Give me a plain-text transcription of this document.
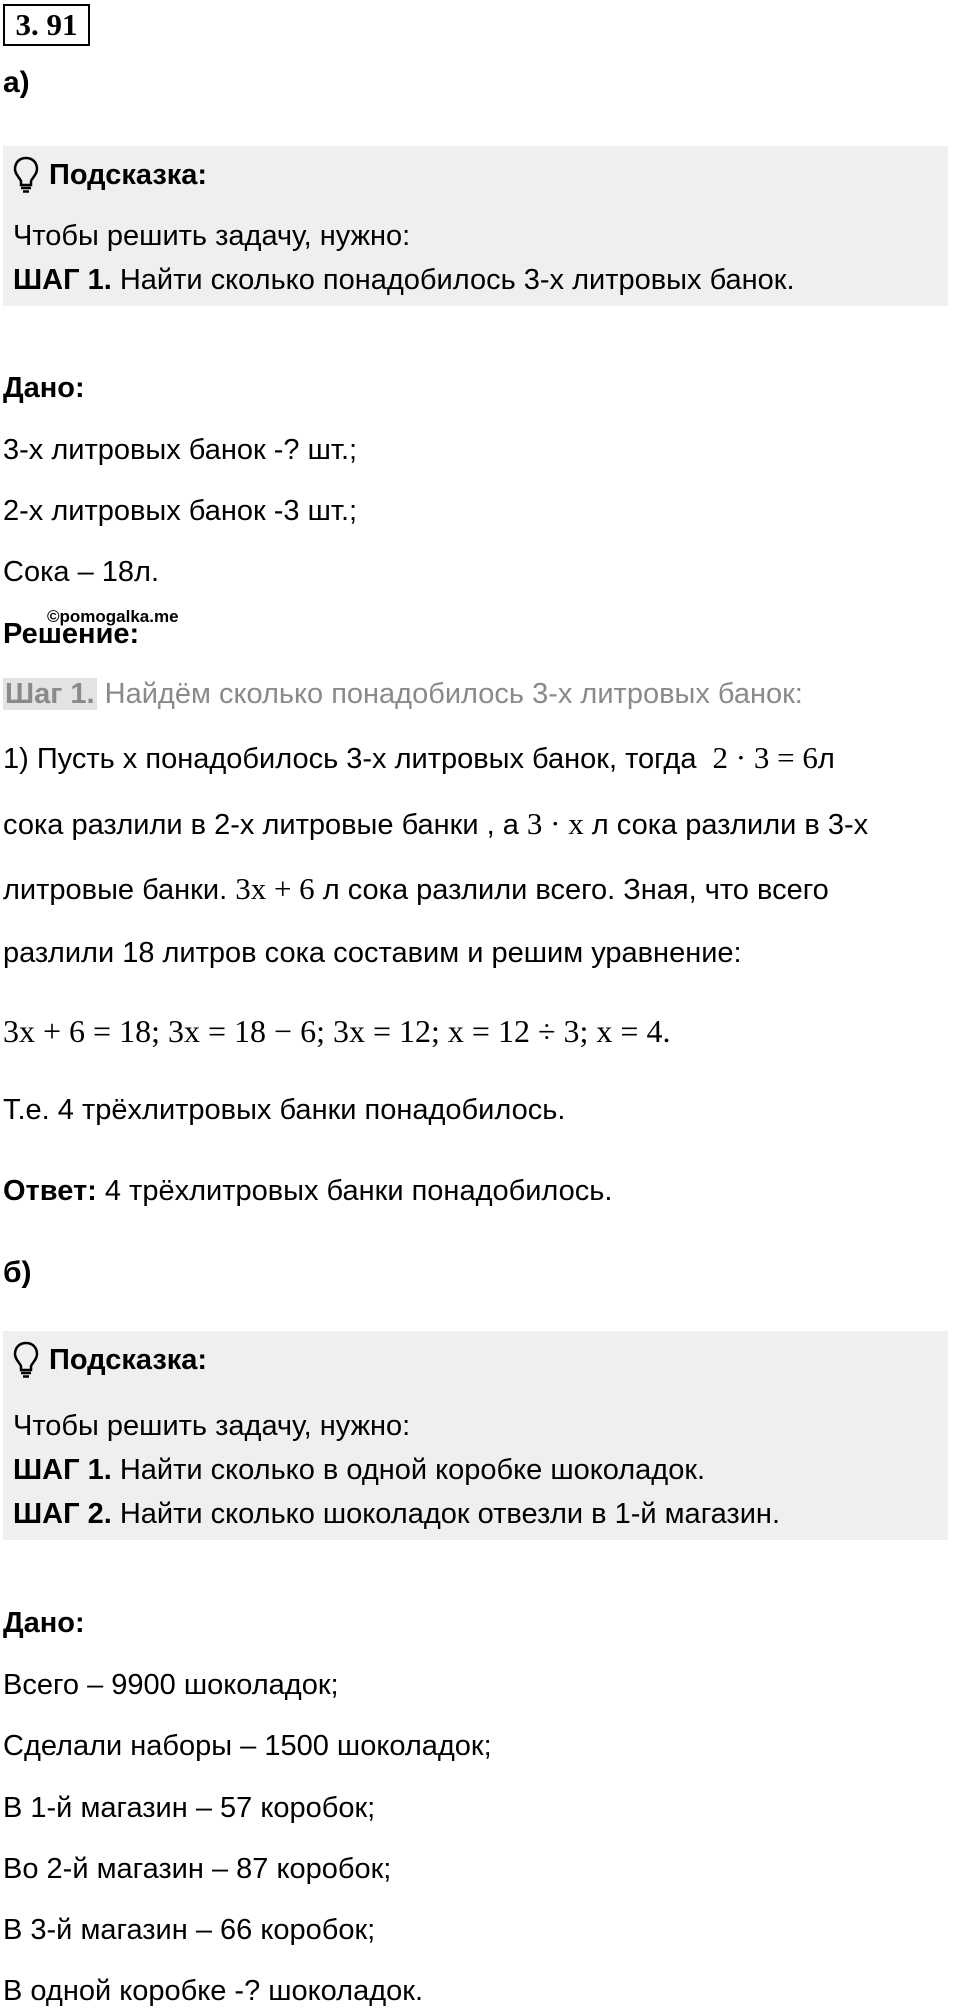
3. 91
а)
Подсказка:
Чтобы решить задачу, нужно:
ШАГ 1. Найти сколько понадобилось 3-х литровых банок.
Дано:
3-х литровых банок -? шт.;
2-х литровых банок -3 шт.;
Сока – 18л.
©pomogalka.me
Решение:
Шаг 1. Найдём сколько понадобилось 3-х литровых банок:
1) Пусть x понадобилось 3-х литровых банок, тогда 2 · 3 = 6л
сока разлили в 2-х литровые банки , а 3 · x л сока разлили в 3-х
литровые банки. 3x + 6 л сока разлили всего. Зная, что всего
разлили 18 литров сока составим и решим уравнение:
3x + 6 = 18; 3x = 18 − 6; 3x = 12; x = 12 ÷ 3; x = 4.
Т.е. 4 трёхлитровых банки понадобилось.
Ответ: 4 трёхлитровых банки понадобилось.
б)
Подсказка:
Чтобы решить задачу, нужно:
ШАГ 1. Найти сколько в одной коробке шоколадок.
ШАГ 2. Найти сколько шоколадок отвезли в 1-й магазин.
Дано:
Всего – 9900 шоколадок;
Сделали наборы – 1500 шоколадок;
В 1-й магазин – 57 коробок;
Во 2-й магазин – 87 коробок;
В 3-й магазин – 66 коробок;
В одной коробке -? шоколадок.
